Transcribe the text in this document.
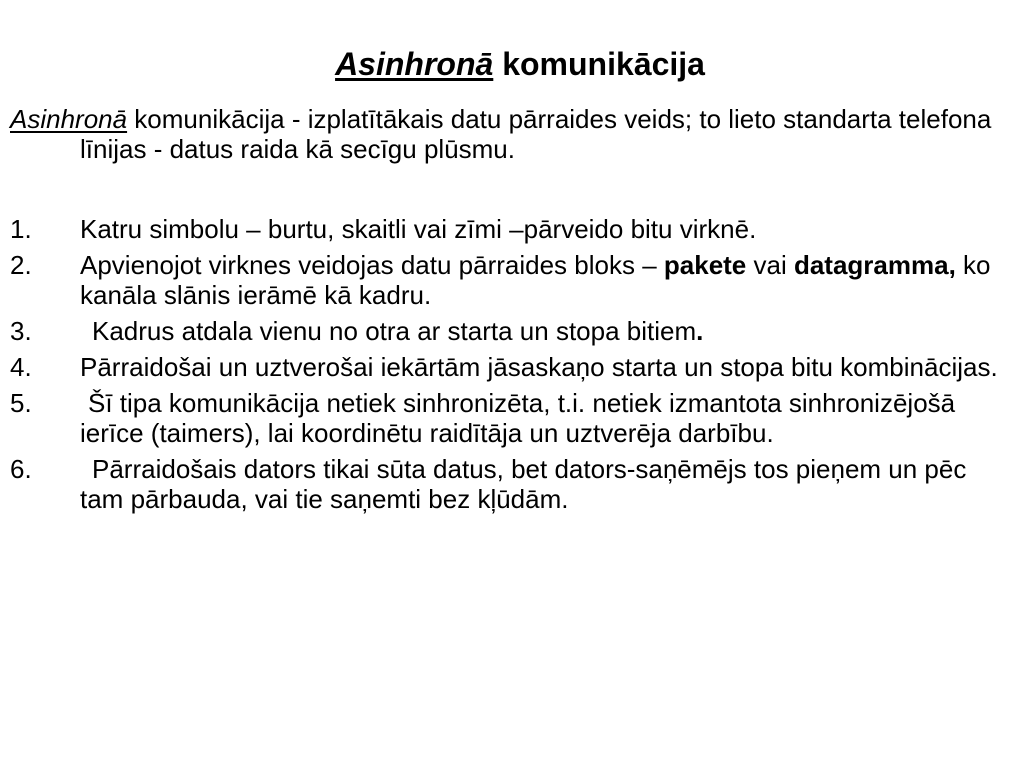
Asinhronā komunikācija

Asinhronā komunikācija - izplatītākais datu pārraides veids; to lieto standarta telefona līnijas - datus raida kā secīgu plūsmu.

1. Katru simbolu – burtu, skaitli vai zīmi –pārveido bitu virknē.
2. Apvienojot virknes veidojas datu pārraides bloks – pakete vai datagramma, ko kanāla slānis ierāmē kā kadru.
3. Kadrus atdala vienu no otra ar starta un stopa bitiem.
4. Pārraidošai un uztverošai iekārtām jāsaskaņo starta un stopa bitu kombinācijas.
5. Šī tipa komunikācija netiek sinhronizēta, t.i. netiek izmantota sinhronizējošā ierīce (taimers), lai koordinētu raidītāja un uztverēja darbību.
6. Pārraidošais dators tikai sūta datus, bet dators-saņēmējs tos pieņem un pēc tam pārbauda, vai tie saņemti bez kļūdām.
